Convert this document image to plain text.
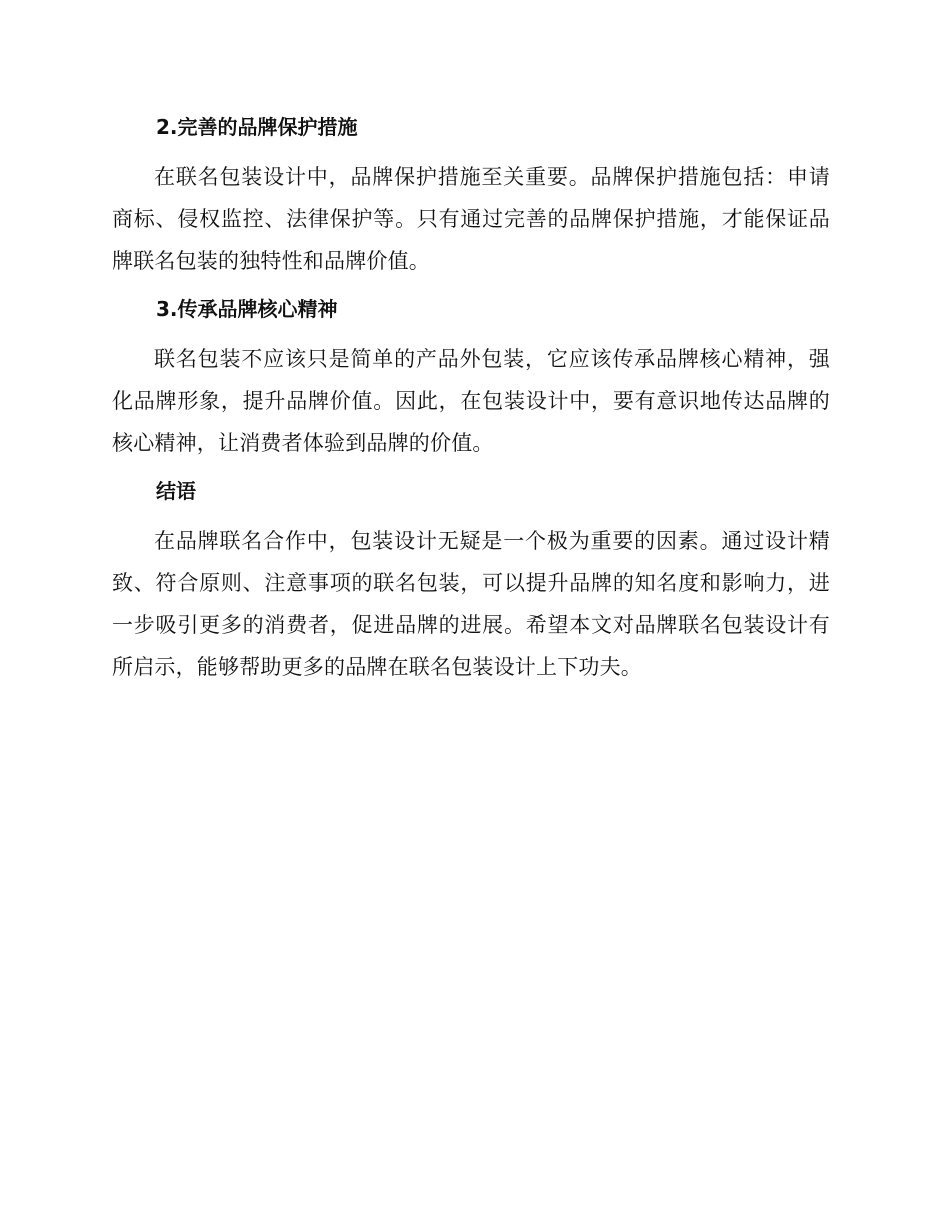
2.完善的品牌保护措施

在联名包装设计中，品牌保护措施至关重要。品牌保护措施包括：申请商标、侵权监控、法律保护等。只有通过完善的品牌保护措施，才能保证品牌联名包装的独特性和品牌价值。

3.传承品牌核心精神

联名包装不应该只是简单的产品外包装，它应该传承品牌核心精神，强化品牌形象，提升品牌价值。因此，在包装设计中，要有意识地传达品牌的核心精神，让消费者体验到品牌的价值。

结语

在品牌联名合作中，包装设计无疑是一个极为重要的因素。通过设计精致、符合原则、注意事项的联名包装，可以提升品牌的知名度和影响力，进一步吸引更多的消费者，促进品牌的进展。希望本文对品牌联名包装设计有所启示，能够帮助更多的品牌在联名包装设计上下功夫。
